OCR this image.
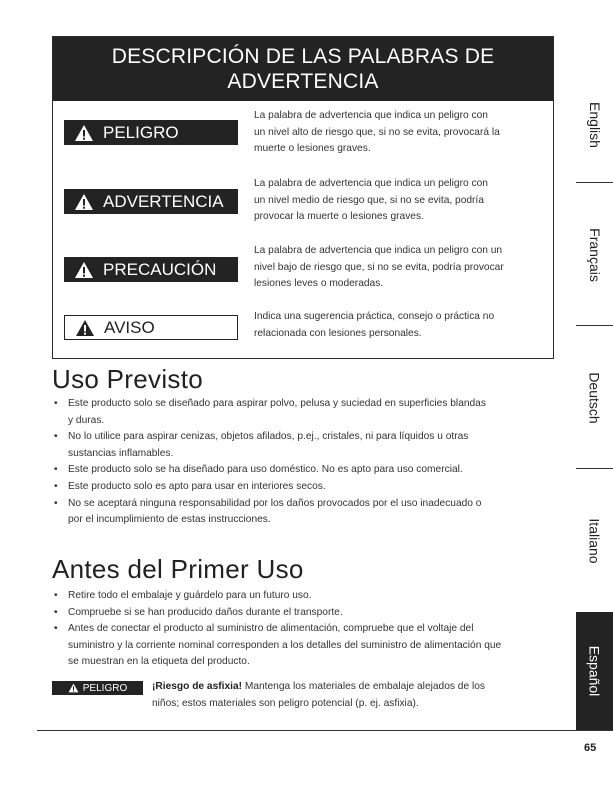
DESCRIPCIÓN DE LAS PALABRAS DE
ADVERTENCIA
PELIGRO
La palabra de advertencia que indica un peligro con
un nivel alto de riesgo que, si no se evita, provocará la
muerte o lesiones graves.
ADVERTENCIA
La palabra de advertencia que indica un peligro con
un nivel medio de riesgo que, si no se evita, podría
provocar la muerte o lesiones graves.
PRECAUCIÓN
La palabra de advertencia que indica un peligro con un
nivel bajo de riesgo que, si no se evita, podría provocar
lesiones leves o moderadas.
AVISO
Indica una sugerencia práctica, consejo o práctica no
relacionada con lesiones personales.
Uso Previsto
• Este producto solo se diseñado para aspirar polvo, pelusa y suciedad en superficies blandas
y duras.
• No lo utilice para aspirar cenizas, objetos afilados, p.ej., cristales, ni para líquidos u otras
sustancias inflamables.
• Este producto solo se ha diseñado para uso doméstico. No es apto para uso comercial.
• Este producto solo es apto para usar en interiores secos.
• No se aceptará ninguna responsabilidad por los daños provocados por el uso inadecuado o
por el incumplimiento de estas instrucciones.
Antes del Primer Uso
• Retire todo el embalaje y guárdelo para un futuro uso.
• Compruebe si se han producido daños durante el transporte.
• Antes de conectar el producto al suministro de alimentación, compruebe que el voltaje del
suministro y la corriente nominal corresponden a los detalles del suministro de alimentación que
se muestran en la etiqueta del producto.
PELIGRO ¡Riesgo de asfixia! Mantenga los materiales de embalaje alejados de los
niños; estos materiales son peligro potencial (p. ej. asfixia).

English
Français
Deutsch
Italiano
Español
65
